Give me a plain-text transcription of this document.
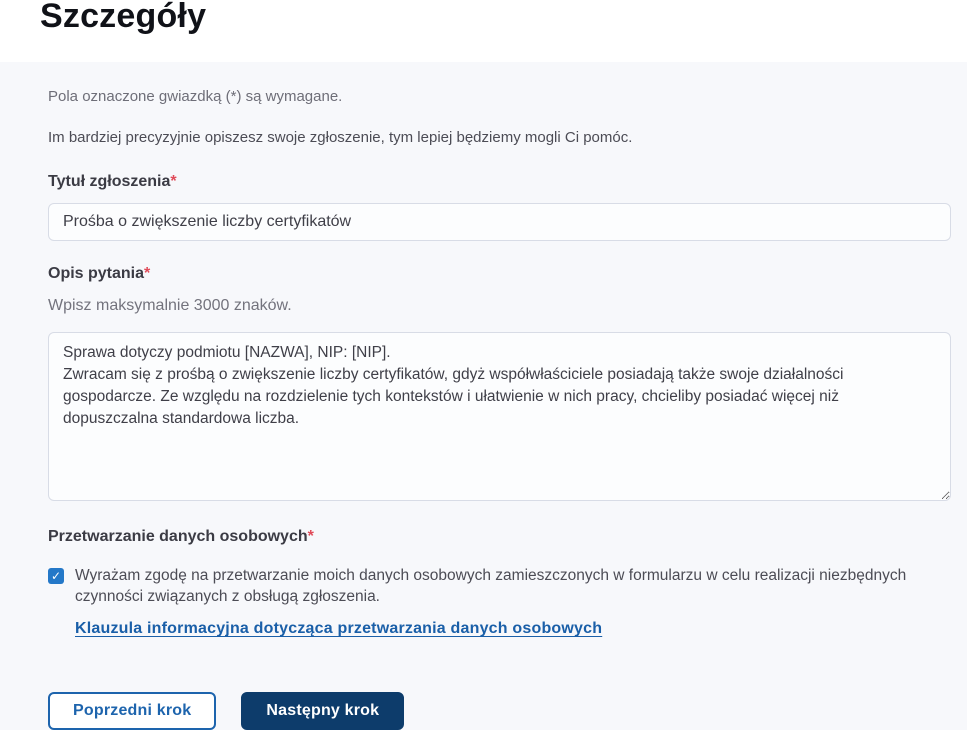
Szczegóły

Pola oznaczone gwiazdką (*) są wymagane.

Im bardziej precyzyjnie opiszesz swoje zgłoszenie, tym lepiej będziemy mogli Ci pomóc.

Tytuł zgłoszenia*

Prośba o zwiększenie liczby certyfikatów

Opis pytania*

Wpisz maksymalnie 3000 znaków.

Sprawa dotyczy podmiotu [NAZWA], NIP: [NIP]. Zwracam się z prośbą o zwiększenie liczby certyfikatów, gdyż współwłaściciele posiadają także swoje działalności gospodarcze. Ze względu na rozdzielenie tych kontekstów i ułatwienie w nich pracy, chcieliby posiadać więcej niż dopuszczalna standardowa liczba.

Przetwarzanie danych osobowych*

✓ Wyrażam zgodę na przetwarzanie moich danych osobowych zamieszczonych w formularzu w celu realizacji niezbędnych czynności związanych z obsługą zgłoszenia.
Klauzula informacyjna dotycząca przetwarzania danych osobowych
Poprzedni krok	Następny krok
